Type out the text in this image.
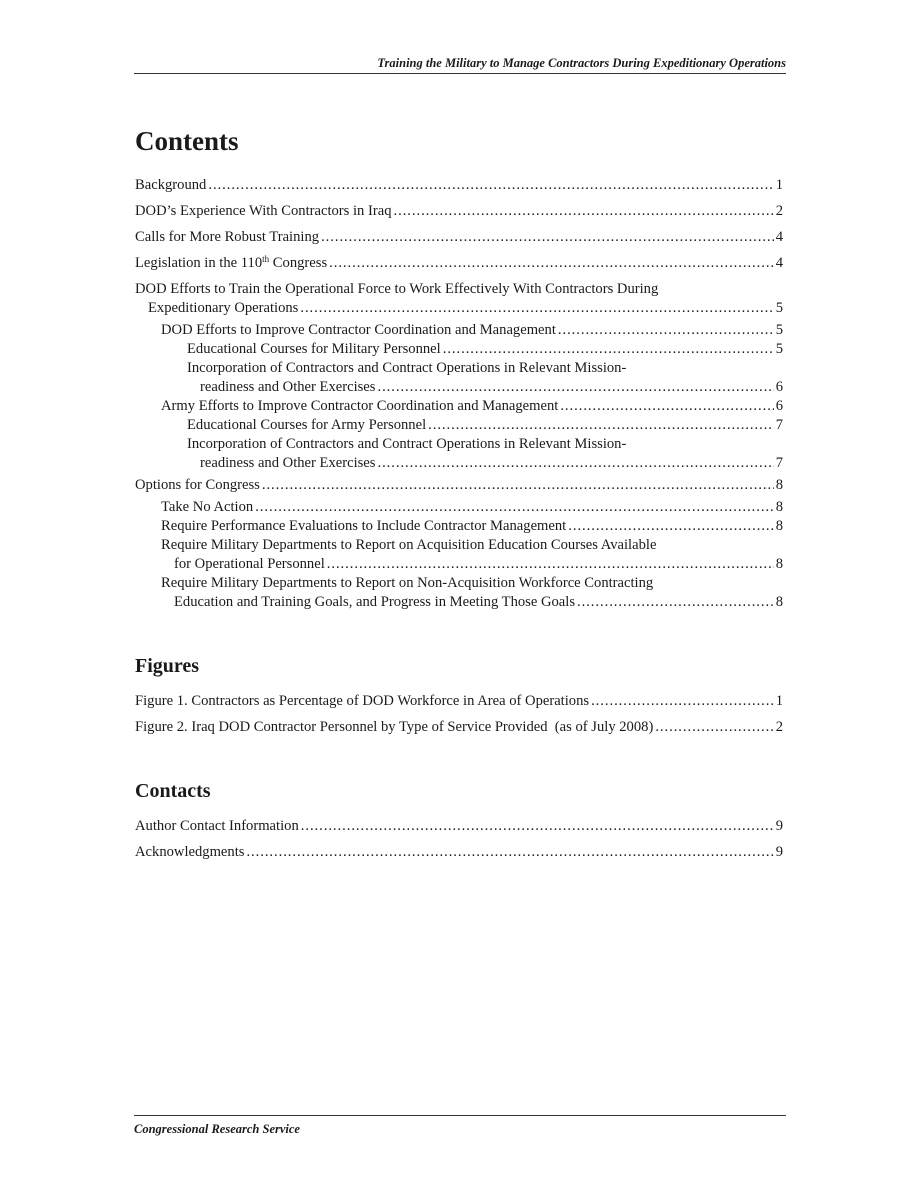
Training the Military to Manage Contractors During Expeditionary Operations
Contents
Background . . .	1
DOD’s Experience With Contractors in Iraq . . .	2
Calls for More Robust Training . . .	4
Legislation in the 110th Congress . . .	4
DOD Efforts to Train the Operational Force to Work Effectively With Contractors During
Expeditionary Operations . . .	5
DOD Efforts to Improve Contractor Coordination and Management . . .	5
Educational Courses for Military Personnel . . .	5
Incorporation of Contractors and Contract Operations in Relevant Mission-
readiness and Other Exercises . . .	6
Army Efforts to Improve Contractor Coordination and Management . . .	6
Educational Courses for Army Personnel . . .	7
Incorporation of Contractors and Contract Operations in Relevant Mission-
readiness and Other Exercises . . .	7
Options for Congress . . .	8
Take No Action . . .	8
Require Performance Evaluations to Include Contractor Management . . .	8
Require Military Departments to Report on Acquisition Education Courses Available
for Operational Personnel . . .	8
Require Military Departments to Report on Non-Acquisition Workforce Contracting
Education and Training Goals, and Progress in Meeting Those Goals . . .	8
Figures
Figure 1. Contractors as Percentage of DOD Workforce in Area of Operations . . .	1
Figure 2. Iraq DOD Contractor Personnel by Type of Service Provided  (as of July 2008) . . .	2
Contacts
Author Contact Information . . .	9
Acknowledgments . . .	9
Congressional Research Service
